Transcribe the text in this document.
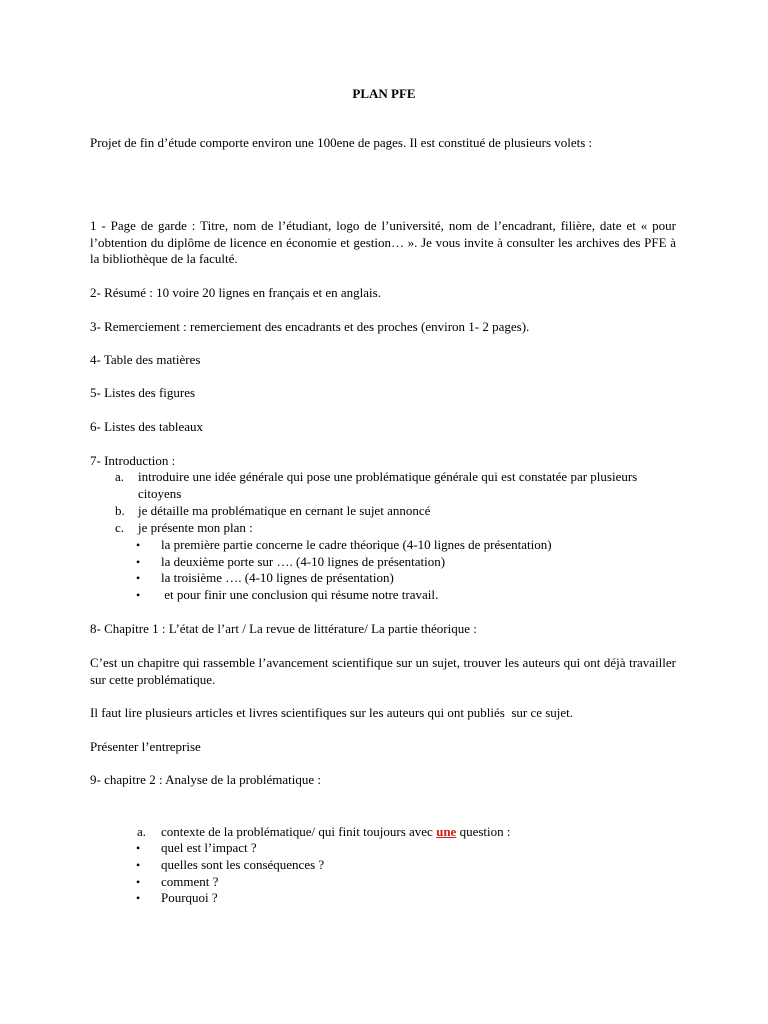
PLAN PFE
Projet de fin d’étude comporte environ une 100ene de pages. Il est constitué de plusieurs volets :
1 - Page de garde : Titre, nom de l’étudiant, logo de l’université, nom de l’encadrant, filière, date et « pour l’obtention du diplôme de licence en économie et gestion… ». Je vous invite à consulter les archives des PFE à la bibliothèque de la faculté.
2- Résumé : 10 voire 20 lignes en français et en anglais.
3- Remerciement : remerciement des encadrants et des proches (environ 1- 2 pages).
4- Table des matières
5- Listes des figures
6- Listes des tableaux
7- Introduction :
a. introduire une idée générale qui pose une problématique générale qui est constatée par plusieurs citoyens
b. je détaille ma problématique en cernant le sujet annoncé
c. je présente mon plan :
• la première partie concerne le cadre théorique (4-10 lignes de présentation)
• la deuxième porte sur …. (4-10 lignes de présentation)
• la troisième …. (4-10 lignes de présentation)
• et pour finir une conclusion qui résume notre travail.
8- Chapitre 1 : L’état de l’art / La revue de littérature/ La partie théorique :
C’est un chapitre qui rassemble l’avancement scientifique sur un sujet, trouver les auteurs qui ont déjà travailler sur cette problématique.
Il faut lire plusieurs articles et livres scientifiques sur les auteurs qui ont publiés  sur ce sujet.
Présenter l’entreprise
9- chapitre 2 : Analyse de la problématique :
a. contexte de la problématique/ qui finit toujours avec une question :
• quel est l’impact ?
• quelles sont les conséquences ?
• comment ?
• Pourquoi ?
